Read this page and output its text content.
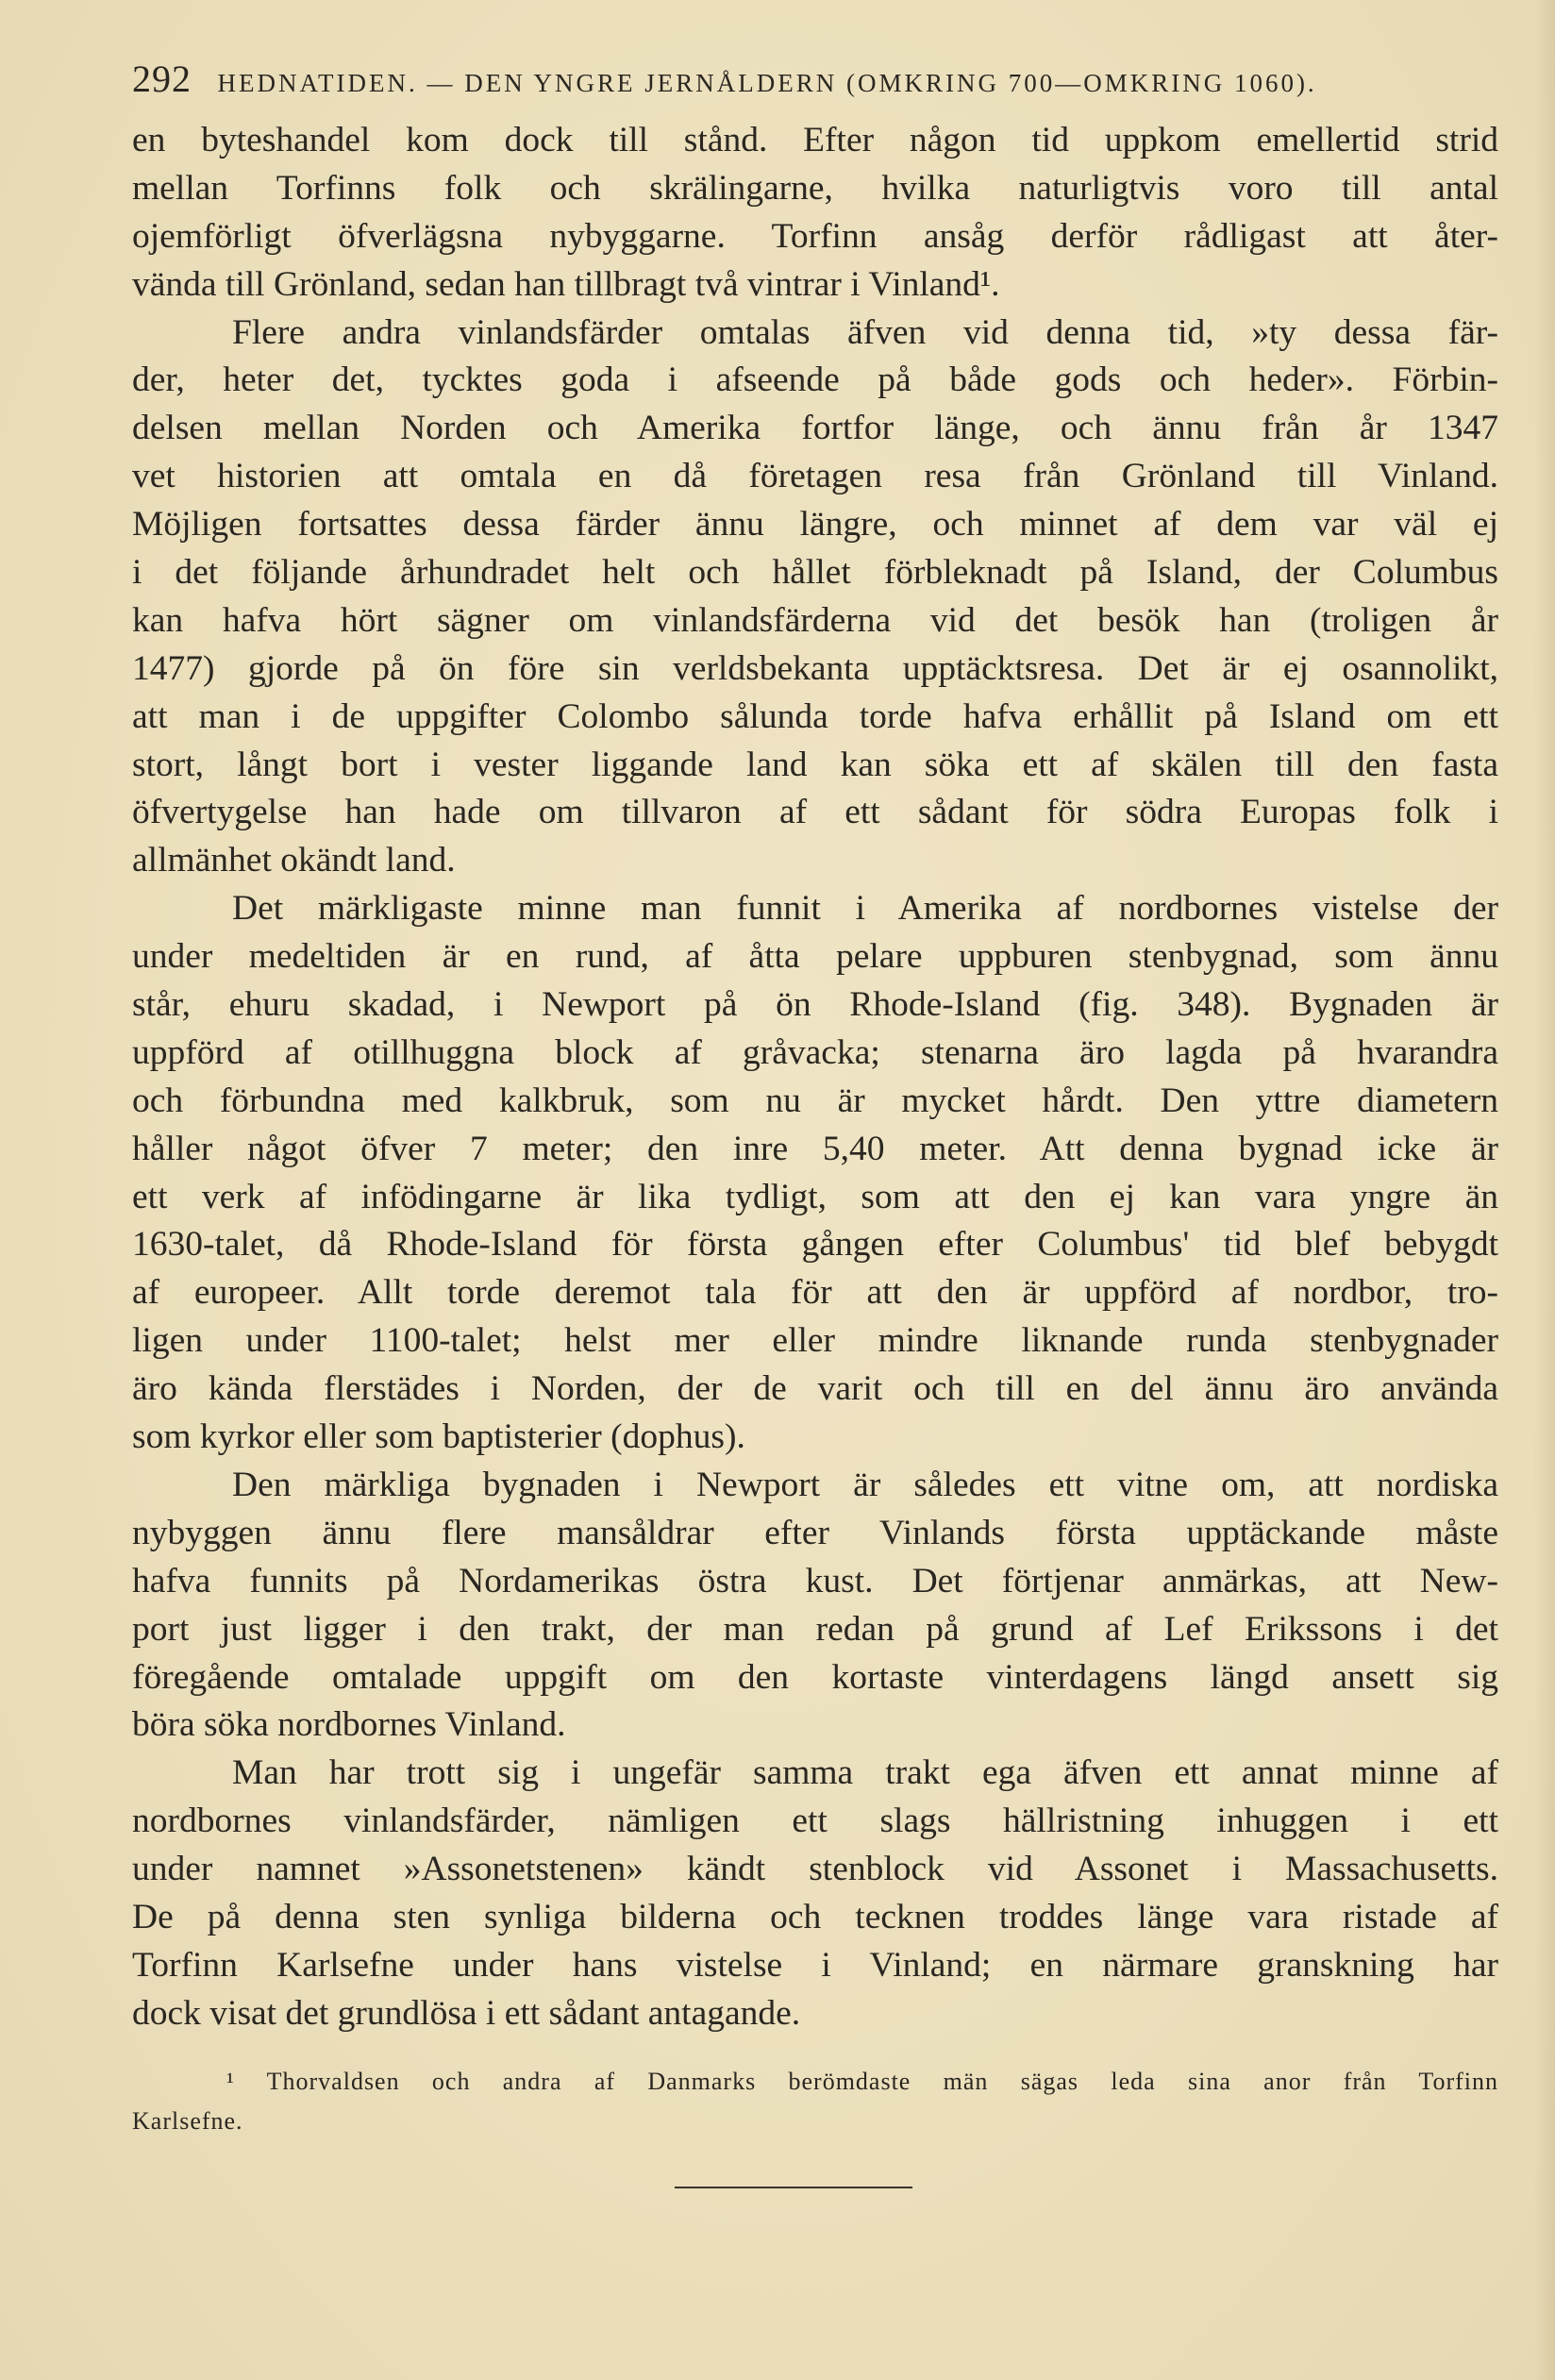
292 HEDNATIDEN. — DEN YNGRE JERNÅLDERN (OMKRING 700—OMKRING 1060).
en byteshandel kom dock till stånd. Efter någon tid uppkom emellertid strid
mellan Torfinns folk och skrälingarne, hvilka naturligtvis voro till antal
ojemförligt öfverlägsna nybyggarne. Torfinn ansåg derför rådligast att åter-
vända till Grönland, sedan han tillbragt två vintrar i Vinland¹.
Flere andra vinlandsfärder omtalas äfven vid denna tid, »ty dessa fär-
der, heter det, tycktes goda i afseende på både gods och heder». Förbin-
delsen mellan Norden och Amerika fortfor länge, och ännu från år 1347
vet historien att omtala en då företagen resa från Grönland till Vinland.
Möjligen fortsattes dessa färder ännu längre, och minnet af dem var väl ej
i det följande århundradet helt och hållet förbleknadt på Island, der Columbus
kan hafva hört sägner om vinlandsfärderna vid det besök han (troligen år
1477) gjorde på ön före sin verldsbekanta upptäcktsresa. Det är ej osannolikt,
att man i de uppgifter Colombo sålunda torde hafva erhållit på Island om ett
stort, långt bort i vester liggande land kan söka ett af skälen till den fasta
öfvertygelse han hade om tillvaron af ett sådant för södra Europas folk i
allmänhet okändt land.
Det märkligaste minne man funnit i Amerika af nordbornes vistelse der
under medeltiden är en rund, af åtta pelare uppburen stenbygnad, som ännu
står, ehuru skadad, i Newport på ön Rhode-Island (fig. 348). Bygnaden är
uppförd af otillhuggna block af gråvacka; stenarna äro lagda på hvarandra
och förbundna med kalkbruk, som nu är mycket hårdt. Den yttre diametern
håller något öfver 7 meter; den inre 5,40 meter. Att denna bygnad icke är
ett verk af infödingarne är lika tydligt, som att den ej kan vara yngre än
1630-talet, då Rhode-Island för första gången efter Columbus' tid blef bebygdt
af europeer. Allt torde deremot tala för att den är uppförd af nordbor, tro-
ligen under 1100-talet; helst mer eller mindre liknande runda stenbygnader
äro kända flerstädes i Norden, der de varit och till en del ännu äro använda
som kyrkor eller som baptisterier (dophus).
Den märkliga bygnaden i Newport är således ett vitne om, att nordiska
nybyggen ännu flere mansåldrar efter Vinlands första upptäckande måste
hafva funnits på Nordamerikas östra kust. Det förtjenar anmärkas, att New-
port just ligger i den trakt, der man redan på grund af Lef Erikssons i det
föregående omtalade uppgift om den kortaste vinterdagens längd ansett sig
böra söka nordbornes Vinland.
Man har trott sig i ungefär samma trakt ega äfven ett annat minne af
nordbornes vinlandsfärder, nämligen ett slags hällristning inhuggen i ett
under namnet »Assonetstenen» kändt stenblock vid Assonet i Massachusetts.
De på denna sten synliga bilderna och tecknen troddes länge vara ristade af
Torfinn Karlsefne under hans vistelse i Vinland; en närmare granskning har
dock visat det grundlösa i ett sådant antagande.
¹ Thorvaldsen och andra af Danmarks berömdaste män sägas leda sina anor från Torfinn
Karlsefne.
